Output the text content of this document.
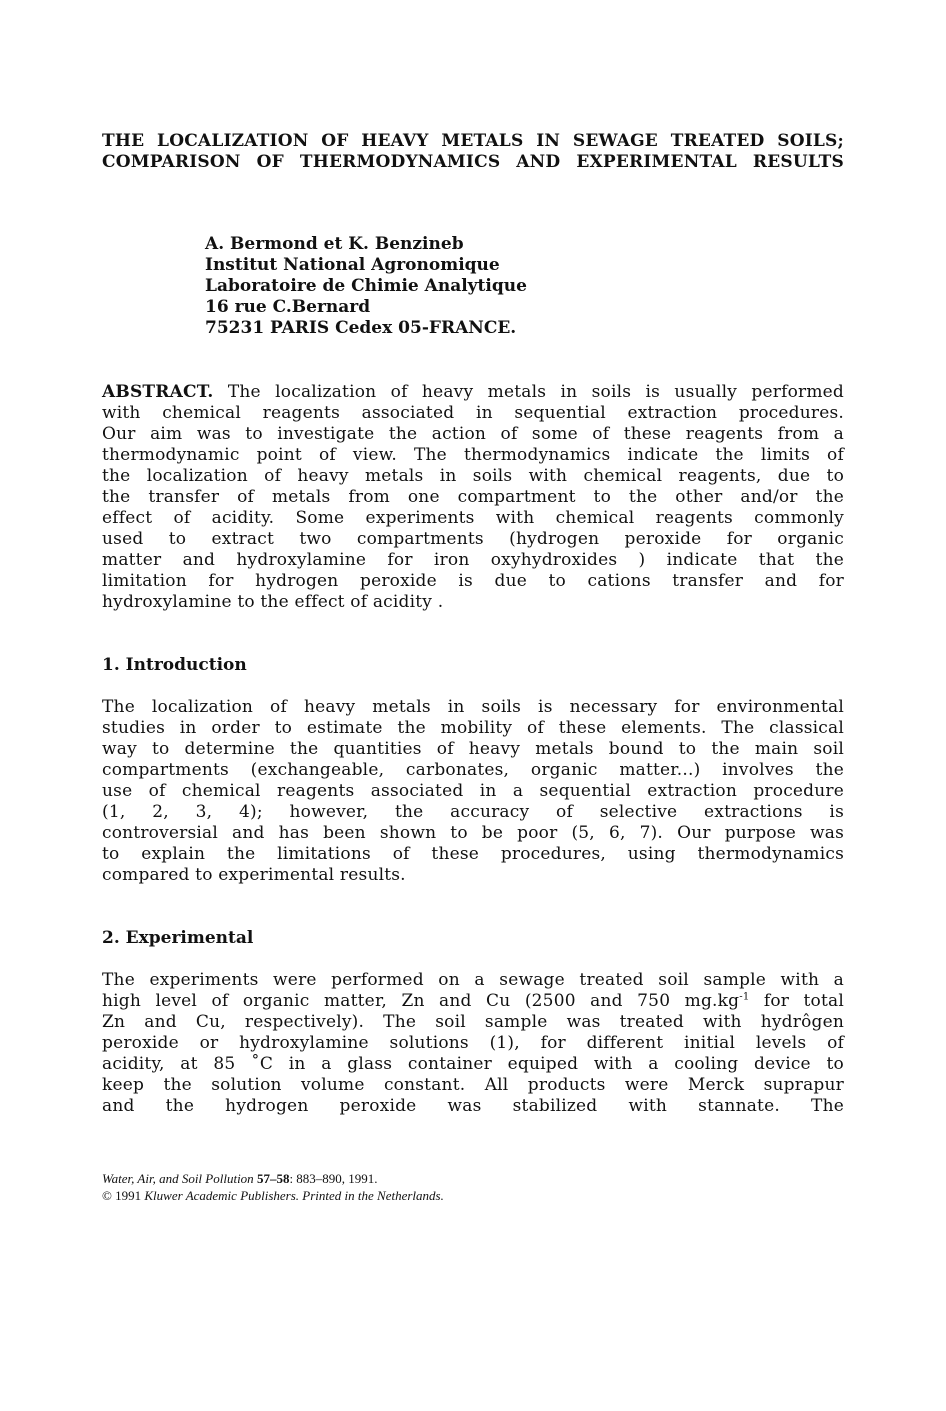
THE LOCALIZATION OF HEAVY METALS IN SEWAGE TREATED SOILS;
COMPARISON OF THERMODYNAMICS AND EXPERIMENTAL RESULTS
A. Bermond et K. Benzineb
Institut National Agronomique
Laboratoire de Chimie Analytique
16 rue C.Bernard
75231 PARIS Cedex 05-FRANCE.
ABSTRACT. The localization of heavy metals in soils is usually performed
with chemical reagents associated in sequential extraction procedures.
Our aim was to investigate the action of some of these reagents from a
thermodynamic point of view. The thermodynamics indicate the limits of
the localization of heavy metals in soils with chemical reagents, due to
the transfer of metals from one compartment to the other and/or the
effect of acidity. Some experiments with chemical reagents commonly
used to extract two compartments (hydrogen peroxide for organic
matter and hydroxylamine for iron oxyhydroxides ) indicate that the
limitation for hydrogen peroxide is due to cations transfer and for
hydroxylamine to the effect of acidity .
1. Introduction
The localization of heavy metals in soils is necessary for environmental
studies in order to estimate the mobility of these elements. The classical
way to determine the quantities of heavy metals bound to the main soil
compartments (exchangeable, carbonates, organic matter...) involves the
use of chemical reagents associated in a sequential extraction procedure
(1, 2, 3, 4); however, the accuracy of selective extractions is
controversial and has been shown to be poor (5, 6, 7). Our purpose was
to explain the limitations of these procedures, using thermodynamics
compared to experimental results.
2. Experimental
The experiments were performed on a sewage treated soil sample with a
high level of organic matter, Zn and Cu (2500 and 750 $mg.kg^{-1}$ for total
Zn and Cu, respectively). The soil sample was treated with hydrôgen
peroxide or hydroxylamine solutions (1), for different initial levels of
acidity, at 85 ˚C in a glass container equiped with a cooling device to
keep the solution volume constant. All products were Merck suprapur
and the hydrogen peroxide was stabilized with stannate. The
Water, Air, and Soil Pollution 57–58: 883–890, 1991.
© 1991 Kluwer Academic Publishers. Printed in the Netherlands.
